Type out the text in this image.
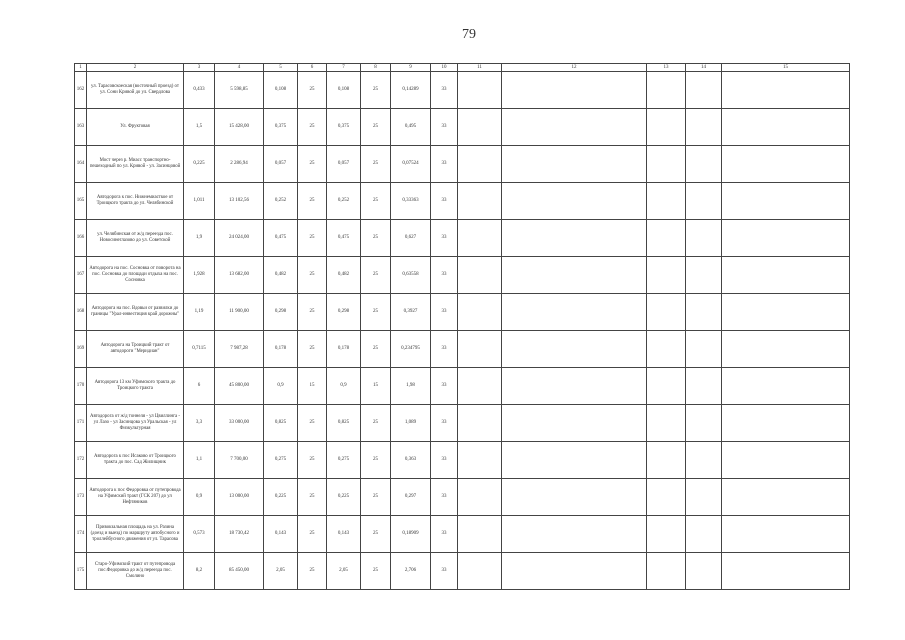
79
1	2	3	4	5	6	7	8	9	10	11	12	13	14	15
162	ул. Тарасовскоеская (восточный проезд) от ул. Сони Кривой до ул. Свердлова	0,433	5 598,85	0,108	25	0,108	25	0,14289	33					
163	Ул. Фруктовая	1,5	15 428,00	0,375	25	0,375	25	0,495	33					
164	Мост через р. Миасс транспортно-пешеходный по ул. Кривой - ул. Засинцовой	0,225	2 286,94	0,057	25	0,057	25	0,07524	33					
165	Автодорога к пос. Нижнемиасткое от Троицкого тракта до ул. Челябинской	1,011	13 102,56	0,252	25	0,252	25	0,33363	33					
166	ул. Челябинская от ж/д переезда пос. Новосинеглазово до ул. Советской	1,9	24 024,00	0,475	25	0,475	25	0,627	33					
167	Автодорога на пос. Сосновка от поворота на пос. Сосновка до площади отдыха на пос. Сосновка	1,928	13 682,00	0,482	25	0,482	25	0,63558	33					
168	Автодорога на пос. Вдовьи от развилки до границы "Урал-инвестиция край дорожны"	1,19	11 900,00	0,298	25	0,298	25	0,3927	33					
169	Автодорога на Троицкий тракт от автодороги "Меридиан"	0,7115	7 987,28	0,178	25	0,178	25	0,234795	33					
170	Автодорога 13 км Уфимского тракта до Троицкого тракта	6	45 800,00	0,9	15	0,9	15	1,98	33					
171	Автодорога от ж/д тоннеля - ул Цвиллинга - ул Лазо - ул Засинцова ул Уральская - ул Физкультурная	3,3	33 000,00	0,825	25	0,825	25	1,089	33					
172	Автодорога к пос Исаково от Троицкого тракта до пос. Сад Жилищник	1,1	7 700,00	0,275	25	0,275	25	0,363	33					
173	Автодорога к пос Федоровка от путепровода на Уфимский тракт (ГСК 207) до ул Нефтяников	0,9	13 000,00	0,225	25	0,225	25	0,297	33					
174	Привокзальная площадь на ул. Разина (доезд и выезд) по маршруту автобусного и троллейбусного движения от ул. Тарасова	0,573	18 730,42	0,143	25	0,143	25	0,18909	33					
175	Старо-Уфимский тракт от путепровода пос.Федоровка до ж/д переезда пос. Смолино	8,2	85 450,00	2,05	25	2,05	25	2,706	33					
